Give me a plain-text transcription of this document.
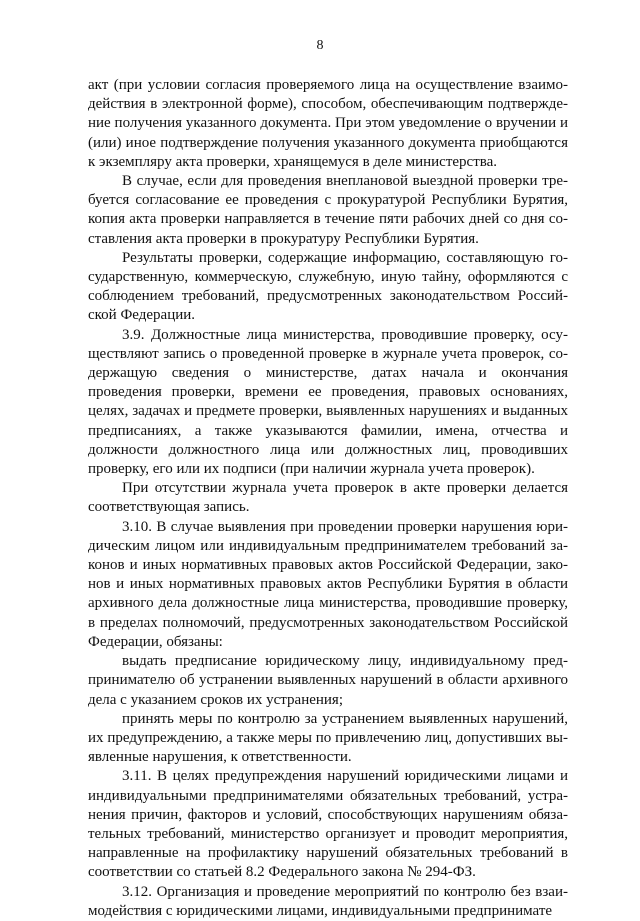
8

акт (при условии согласия проверяемого лица на осуществление взаимодействия в электронной форме), способом, обеспечивающим подтверждение получения указанного документа. При этом уведомление о вручении и (или) иное подтверждение получения указанного документа приобщаются к экземпляру акта проверки, хранящемуся в деле министерства.

В случае, если для проведения внеплановой выездной проверки требуется согласование ее проведения с прокуратурой Республики Бурятия, копия акта проверки направляется в течение пяти рабочих дней со дня составления акта проверки в прокуратуру Республики Бурятия.

Результаты проверки, содержащие информацию, составляющую государственную, коммерческую, служебную, иную тайну, оформляются с соблюдением требований, предусмотренных законодательством Российской Федерации.

3.9. Должностные лица министерства, проводившие проверку, осуществляют запись о проведенной проверке в журнале учета проверок, содержащую сведения о министерстве, датах начала и окончания проведения проверки, времени ее проведения, правовых основаниях, целях, задачах и предмете проверки, выявленных нарушениях и выданных предписаниях, а также указываются фамилии, имена, отчества и должности должностного лица или должностных лиц, проводивших проверку, его или их подписи (при наличии журнала учета проверок).

При отсутствии журнала учета проверок в акте проверки делается соответствующая запись.

3.10. В случае выявления при проведении проверки нарушения юридическим лицом или индивидуальным предпринимателем требований законов и иных нормативных правовых актов Российской Федерации, законов и иных нормативных правовых актов Республики Бурятия в области архивного дела должностные лица министерства, проводившие проверку, в пределах полномочий, предусмотренных законодательством Российской Федерации, обязаны:

выдать предписание юридическому лицу, индивидуальному предпринимателю об устранении выявленных нарушений в области архивного дела с указанием сроков их устранения;

принять меры по контролю за устранением выявленных нарушений, их предупреждению, а также меры по привлечению лиц, допустивших выявленные нарушения, к ответственности.

3.11. В целях предупреждения нарушений юридическими лицами и индивидуальными предпринимателями обязательных требований, устранения причин, факторов и условий, способствующих нарушениям обязательных требований, министерство организует и проводит мероприятия, направленные на профилактику нарушений обязательных требований в соответствии со статьей 8.2 Федерального закона № 294-ФЗ.

3.12. Организация и проведение мероприятий по контролю без взаимодействия с юридическими лицами, индивидуальными предпринимате
